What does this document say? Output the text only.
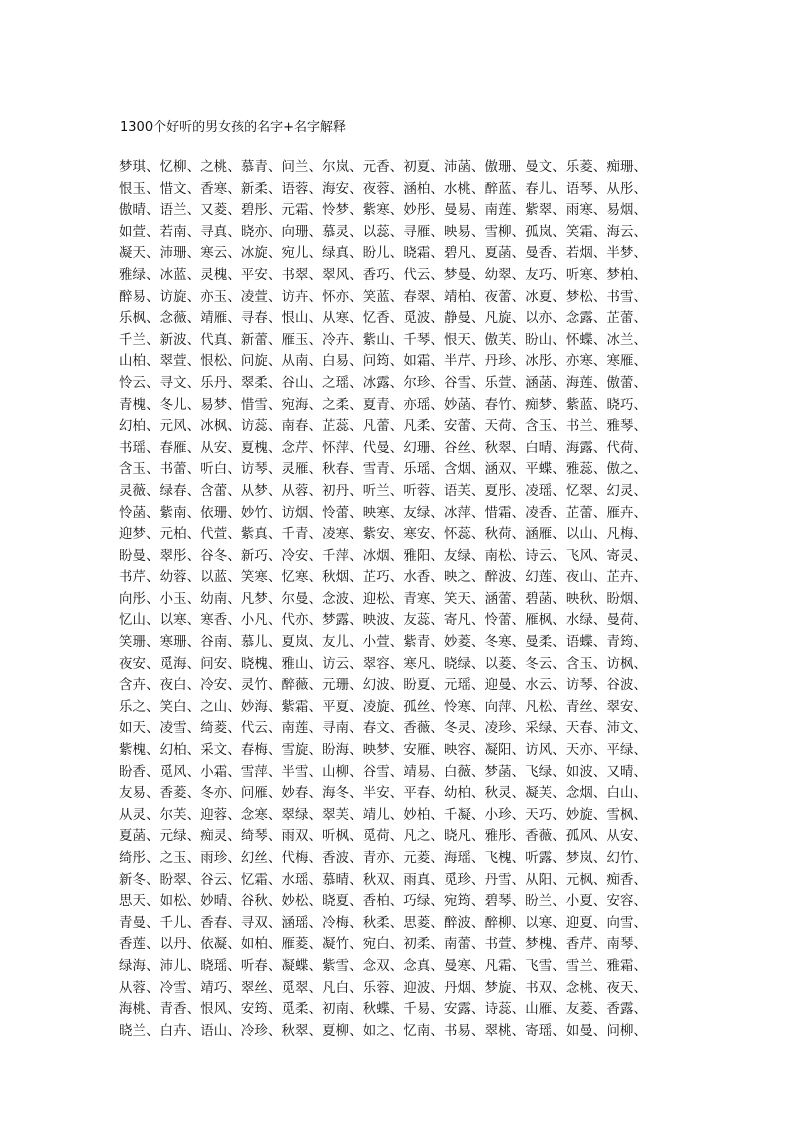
1300个好听的男女孩的名字+名字解释
梦琪、忆柳、之桃、慕青、问兰、尔岚、元香、初夏、沛菡、傲珊、曼文、乐菱、痴珊、
恨玉、惜文、香寒、新柔、语蓉、海安、夜蓉、涵柏、水桃、醉蓝、春儿、语琴、从彤、
傲晴、语兰、又菱、碧彤、元霜、怜梦、紫寒、妙彤、曼易、南莲、紫翠、雨寒、易烟、
如萱、若南、寻真、晓亦、向珊、慕灵、以蕊、寻雁、映易、雪柳、孤岚、笑霜、海云、
凝天、沛珊、寒云、冰旋、宛儿、绿真、盼儿、晓霜、碧凡、夏菡、曼香、若烟、半梦、
雅绿、冰蓝、灵槐、平安、书翠、翠风、香巧、代云、梦曼、幼翠、友巧、听寒、梦柏、
醉易、访旋、亦玉、凌萱、访卉、怀亦、笑蓝、春翠、靖柏、夜蕾、冰夏、梦松、书雪、
乐枫、念薇、靖雁、寻春、恨山、从寒、忆香、觅波、静曼、凡旋、以亦、念露、芷蕾、
千兰、新波、代真、新蕾、雁玉、冷卉、紫山、千琴、恨天、傲芙、盼山、怀蝶、冰兰、
山柏、翠萱、恨松、问旋、从南、白易、问筠、如霜、半芹、丹珍、冰彤、亦寒、寒雁、
怜云、寻文、乐丹、翠柔、谷山、之瑶、冰露、尔珍、谷雪、乐萱、涵菡、海莲、傲蕾、
青槐、冬儿、易梦、惜雪、宛海、之柔、夏青、亦瑶、妙菡、春竹、痴梦、紫蓝、晓巧、
幻柏、元风、冰枫、访蕊、南春、芷蕊、凡蕾、凡柔、安蕾、天荷、含玉、书兰、雅琴、
书瑶、春雁、从安、夏槐、念芹、怀萍、代曼、幻珊、谷丝、秋翠、白晴、海露、代荷、
含玉、书蕾、听白、访琴、灵雁、秋春、雪青、乐瑶、含烟、涵双、平蝶、雅蕊、傲之、
灵薇、绿春、含蕾、从梦、从蓉、初丹、听兰、听蓉、语芙、夏彤、凌瑶、忆翠、幻灵、
怜菡、紫南、依珊、妙竹、访烟、怜蕾、映寒、友绿、冰萍、惜霜、凌香、芷蕾、雁卉、
迎梦、元柏、代萱、紫真、千青、凌寒、紫安、寒安、怀蕊、秋荷、涵雁、以山、凡梅、
盼曼、翠彤、谷冬、新巧、冷安、千萍、冰烟、雅阳、友绿、南松、诗云、飞风、寄灵、
书芹、幼蓉、以蓝、笑寒、忆寒、秋烟、芷巧、水香、映之、醉波、幻莲、夜山、芷卉、
向彤、小玉、幼南、凡梦、尔曼、念波、迎松、青寒、笑天、涵蕾、碧菡、映秋、盼烟、
忆山、以寒、寒香、小凡、代亦、梦露、映波、友蕊、寄凡、怜蕾、雁枫、水绿、曼荷、
笑珊、寒珊、谷南、慕儿、夏岚、友儿、小萱、紫青、妙菱、冬寒、曼柔、语蝶、青筠、
夜安、觅海、问安、晓槐、雅山、访云、翠容、寒凡、晓绿、以菱、冬云、含玉、访枫、
含卉、夜白、冷安、灵竹、醉薇、元珊、幻波、盼夏、元瑶、迎曼、水云、访琴、谷波、
乐之、笑白、之山、妙海、紫霜、平夏、凌旋、孤丝、怜寒、向萍、凡松、青丝、翠安、
如天、凌雪、绮菱、代云、南莲、寻南、春文、香薇、冬灵、凌珍、采绿、天春、沛文、
紫槐、幻柏、采文、春梅、雪旋、盼海、映梦、安雁、映容、凝阳、访风、天亦、平绿、
盼香、觅风、小霜、雪萍、半雪、山柳、谷雪、靖易、白薇、梦菡、飞绿、如波、又晴、
友易、香菱、冬亦、问雁、妙春、海冬、半安、平春、幼柏、秋灵、凝芙、念烟、白山、
从灵、尔芙、迎蓉、念寒、翠绿、翠芙、靖儿、妙柏、千凝、小珍、天巧、妙旋、雪枫、
夏菡、元绿、痴灵、绮琴、雨双、听枫、觅荷、凡之、晓凡、雅彤、香薇、孤风、从安、
绮彤、之玉、雨珍、幻丝、代梅、香波、青亦、元菱、海瑶、飞槐、听露、梦岚、幻竹、
新冬、盼翠、谷云、忆霜、水瑶、慕晴、秋双、雨真、觅珍、丹雪、从阳、元枫、痴香、
思天、如松、妙晴、谷秋、妙松、晓夏、香柏、巧绿、宛筠、碧琴、盼兰、小夏、安容、
青曼、千儿、香春、寻双、涵瑶、冷梅、秋柔、思菱、醉波、醉柳、以寒、迎夏、向雪、
香莲、以丹、依凝、如柏、雁菱、凝竹、宛白、初柔、南蕾、书萱、梦槐、香芹、南琴、
绿海、沛儿、晓瑶、听春、凝蝶、紫雪、念双、念真、曼寒、凡霜、飞雪、雪兰、雅霜、
从蓉、冷雪、靖巧、翠丝、觅翠、凡白、乐蓉、迎波、丹烟、梦旋、书双、念桃、夜天、
海桃、青香、恨风、安筠、觅柔、初南、秋蝶、千易、安露、诗蕊、山雁、友菱、香露、
晓兰、白卉、语山、冷珍、秋翠、夏柳、如之、忆南、书易、翠桃、寄瑶、如曼、问柳、
